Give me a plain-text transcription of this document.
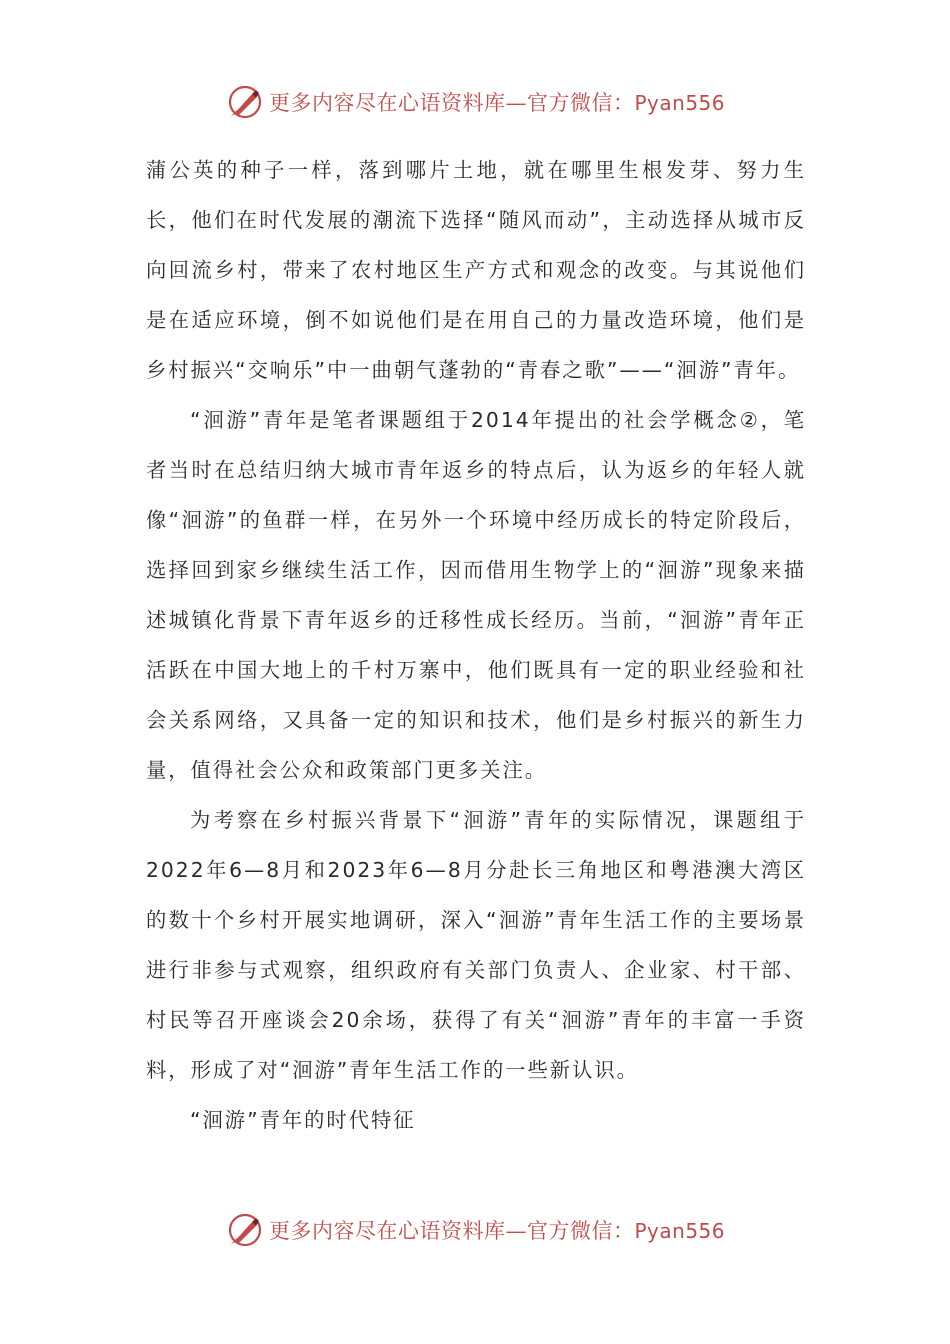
更多内容尽在心语资料库—官方微信：Pyan556

蒲公英的种子一样，落到哪片土地，就在哪里生根发芽、努力生长，他们在时代发展的潮流下选择“随风而动”，主动选择从城市反向回流乡村，带来了农村地区生产方式和观念的改变。与其说他们是在适应环境，倒不如说他们是在用自己的力量改造环境，他们是乡村振兴“交响乐”中一曲朝气蓬勃的“青春之歌”——“洄游”青年。

“洄游”青年是笔者课题组于2014年提出的社会学概念②，笔者当时在总结归纳大城市青年返乡的特点后，认为返乡的年轻人就像“洄游”的鱼群一样，在另外一个环境中经历成长的特定阶段后，选择回到家乡继续生活工作，因而借用生物学上的“洄游”现象来描述城镇化背景下青年返乡的迁移性成长经历。当前，“洄游”青年正活跃在中国大地上的千村万寨中，他们既具有一定的职业经验和社会关系网络，又具备一定的知识和技术，他们是乡村振兴的新生力量，值得社会公众和政策部门更多关注。

为考察在乡村振兴背景下“洄游”青年的实际情况，课题组于2022年6—8月和2023年6—8月分赴长三角地区和粤港澳大湾区的数十个乡村开展实地调研，深入“洄游”青年生活工作的主要场景进行非参与式观察，组织政府有关部门负责人、企业家、村干部、村民等召开座谈会20余场，获得了有关“洄游”青年的丰富一手资料，形成了对“洄游”青年生活工作的一些新认识。

“洄游”青年的时代特征

更多内容尽在心语资料库—官方微信：Pyan556
